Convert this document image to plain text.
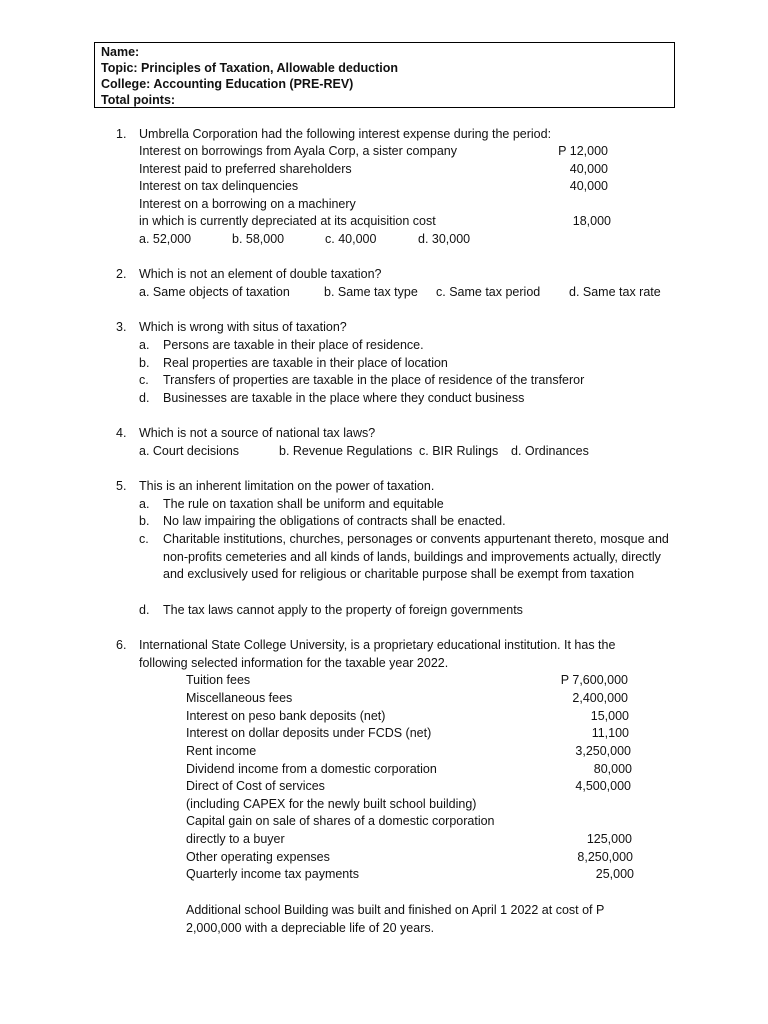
Name:
Topic: Principles of Taxation, Allowable deduction
College: Accounting Education (PRE-REV)
Total points:
1. Umbrella Corporation had the following interest expense during the period:
Interest on borrowings from Ayala Corp, a sister company	P 12,000
Interest paid to preferred shareholders	40,000
Interest on tax delinquencies	40,000
Interest on a borrowing on a machinery
in which is currently depreciated at its acquisition cost	18,000
a. 52,000	b. 58,000	c. 40,000	d. 30,000
2. Which is not an element of double taxation?
a. Same objects of taxation	b. Same tax type c. Same tax period d. Same tax rate
3. Which is wrong with situs of taxation?
a. Persons are taxable in their place of residence.
b. Real properties are taxable in their place of location
c. Transfers of properties are taxable in the place of residence of the transferor
d. Businesses are taxable in the place where they conduct business
4. Which is not a source of national tax laws?
a. Court decisions	b. Revenue Regulations c. BIR Rulings d. Ordinances
5. This is an inherent limitation on the power of taxation.
a. The rule on taxation shall be uniform and equitable
b. No law impairing the obligations of contracts shall be enacted.
c. Charitable institutions, churches, personages or convents appurtenant thereto, mosque and non-profits cemeteries and all kinds of lands, buildings and improvements actually, directly and exclusively used for religious or charitable purpose shall be exempt from taxation
d. The tax laws cannot apply to the property of foreign governments
6. International State College University, is a proprietary educational institution. It has the
following selected information for the taxable year 2022.
Tuition fees	P 7,600,000
Miscellaneous fees	2,400,000
Interest on peso bank deposits (net)	15,000
Interest on dollar deposits under FCDS (net)	11,100
Rent income	3,250,000
Dividend income from a domestic corporation	80,000
Direct of Cost of services	4,500,000
(including CAPEX for the newly built school building)
Capital gain on sale of shares of a domestic corporation
directly to a buyer	125,000
Other operating expenses	8,250,000
Quarterly income tax payments	25,000
Additional school Building was built and finished on April 1 2022 at cost of P 2,000,000 with a depreciable life of 20 years.
